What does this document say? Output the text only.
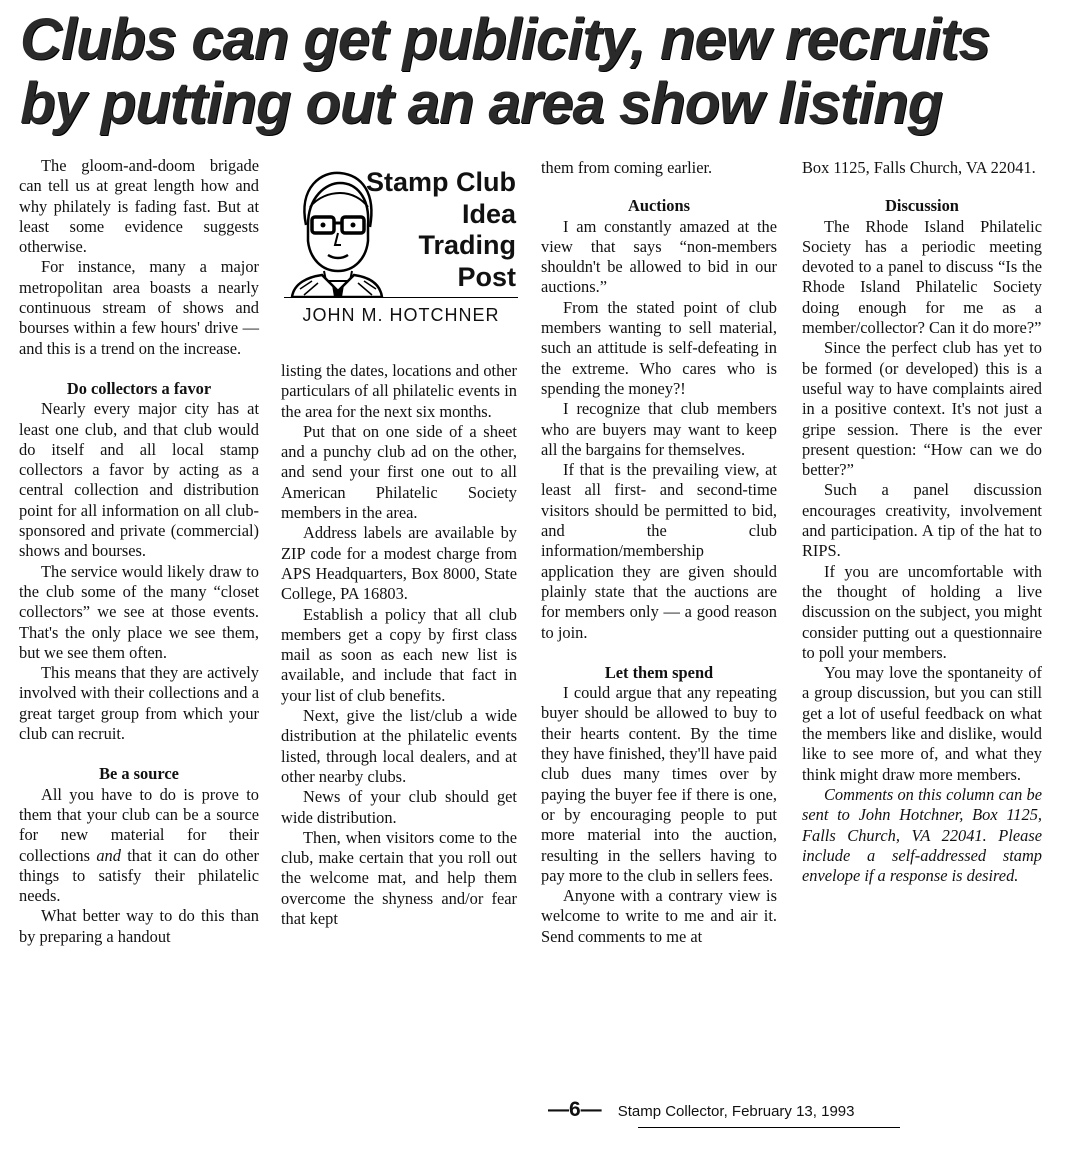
Clubs can get publicity, new recruits
by putting out an area show listing

The gloom-and-doom brigade can tell us at great length how and why philately is fading fast. But at least some evidence suggests otherwise.

For instance, many a major metropolitan area boasts a nearly continuous stream of shows and bourses within a few hours' drive — and this is a trend on the increase.

Do collectors a favor

Nearly every major city has at least one club, and that club would do itself and all local stamp collectors a favor by acting as a central collection and distribution point for all information on all club-sponsored and private (commercial) shows and bourses.

The service would likely draw to the club some of the many “closet collectors” we see at those events. That's the only place we see them, but we see them often.

This means that they are actively involved with their collections and a great target group from which your club can recruit.

Be a source

All you have to do is prove to them that your club can be a source for new material for their collections and that it can do other things to satisfy their philatelic needs.

What better way to do this than by preparing a handout

Stamp Club
Idea
Trading
Post
JOHN M. HOTCHNER

listing the dates, locations and other particulars of all philatelic events in the area for the next six months.

Put that on one side of a sheet and a punchy club ad on the other, and send your first one out to all American Philatelic Society members in the area.

Address labels are available by ZIP code for a modest charge from APS Headquarters, Box 8000, State College, PA 16803.

Establish a policy that all club members get a copy by first class mail as soon as each new list is available, and include that fact in your list of club benefits.

Next, give the list/club a wide distribution at the philatelic events listed, through local dealers, and at other nearby clubs.

News of your club should get wide distribution.

Then, when visitors come to the club, make certain that you roll out the welcome mat, and help them overcome the shyness and/or fear that kept

them from coming earlier.

Auctions

I am constantly amazed at the view that says “non-members shouldn't be allowed to bid in our auctions.”

From the stated point of club members wanting to sell material, such an attitude is self-defeating in the extreme. Who cares who is spending the money?!

I recognize that club members who are buyers may want to keep all the bargains for themselves.

If that is the prevailing view, at least all first- and second-time visitors should be permitted to bid, and the club information/membership application they are given should plainly state that the auctions are for members only — a good reason to join.

Let them spend

I could argue that any repeating buyer should be allowed to buy to their hearts content. By the time they have finished, they'll have paid club dues many times over by paying the buyer fee if there is one, or by encouraging people to put more material into the auction, resulting in the sellers having to pay more to the club in sellers fees.

Anyone with a contrary view is welcome to write to me and air it. Send comments to me at

Box 1125, Falls Church, VA 22041.

Discussion

The Rhode Island Philatelic Society has a periodic meeting devoted to a panel to discuss “Is the Rhode Island Philatelic Society doing enough for me as a member/collector? Can it do more?”

Since the perfect club has yet to be formed (or developed) this is a useful way to have complaints aired in a positive context. It's not just a gripe session. There is the ever present question: “How can we do better?”

Such a panel discussion encourages creativity, involvement and participation. A tip of the hat to RIPS.

If you are uncomfortable with the thought of holding a live discussion on the subject, you might consider putting out a questionnaire to poll your members.

You may love the spontaneity of a group discussion, but you can still get a lot of useful feedback on what the members like and dislike, would like to see more of, and what they think might draw more members.

Comments on this column can be sent to John Hotchner, Box 1125, Falls Church, VA 22041. Please include a self-addressed stamp envelope if a response is desired.

—6— Stamp Collector, February 13, 1993
